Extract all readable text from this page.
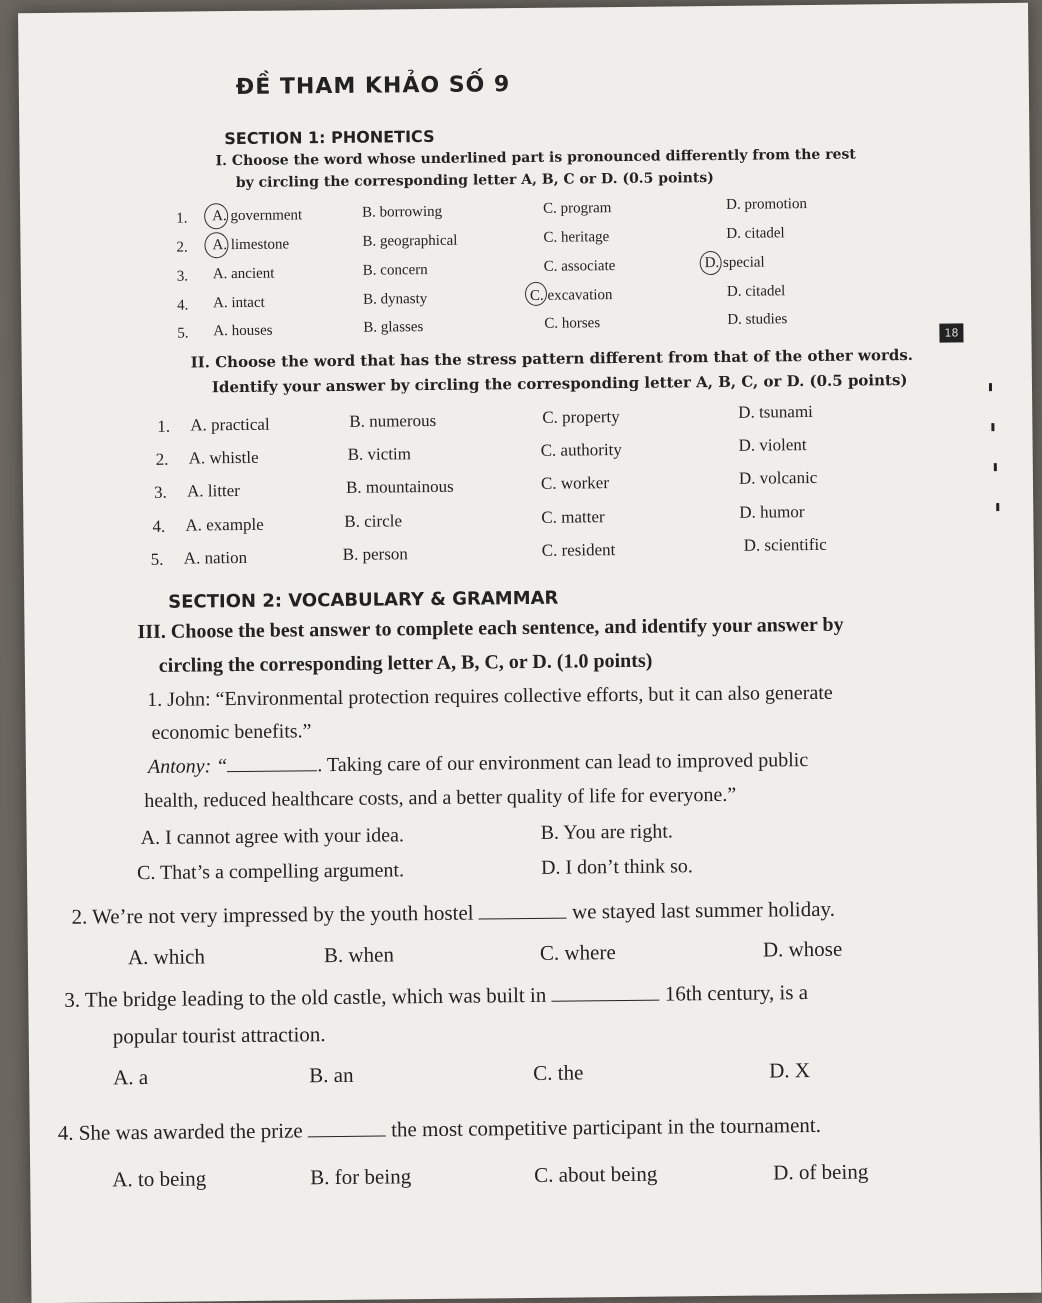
ĐỀ THAM KHẢO SỐ 9
SECTION 1: PHONETICS
I. Choose the word whose underlined part is pronounced differently from the rest
by circling the corresponding letter A, B, C or D. (0.5 points)
1. A. government	B. borrowing	C. program	D. promotion
2. A. limestone	B. geographical	C. heritage	D. citadel
3. A. ancient	B. concern	C. associate	D. special
4. A. intact	B. dynasty	C. excavation	D. citadel
5. A. houses	B. glasses	C. horses	D. studies
18
II. Choose the word that has the stress pattern different from that of the other words.
Identify your answer by circling the corresponding letter A, B, C, or D. (0.5 points)
1. A. practical	B. numerous	C. property	D. tsunami
2. A. whistle	B. victim	C. authority	D. violent
3. A. litter	B. mountainous	C. worker	D. volcanic
4. A. example	B. circle	C. matter	D. humor
5. A. nation	B. person	C. resident	D. scientific
SECTION 2: VOCABULARY & GRAMMAR
III. Choose the best answer to complete each sentence, and identify your answer by
circling the corresponding letter A, B, C, or D. (1.0 points)
1. John: “Environmental protection requires collective efforts, but it can also generate
economic benefits.”
Antony: “	. Taking care of our environment can lead to improved public
health, reduced healthcare costs, and a better quality of life for everyone.”
A. I cannot agree with your idea.	B. You are right.
C. That’s a compelling argument.	D. I don’t think so.
2. We’re not very impressed by the youth hostel	we stayed last summer holiday.
A. which	B. when	C. where	D. whose
3. The bridge leading to the old castle, which was built in	16th century, is a
popular tourist attraction.
A. a	B. an	C. the	D. X
4. She was awarded the prize	the most competitive participant in the tournament.
A. to being	B. for being	C. about being	D. of being
